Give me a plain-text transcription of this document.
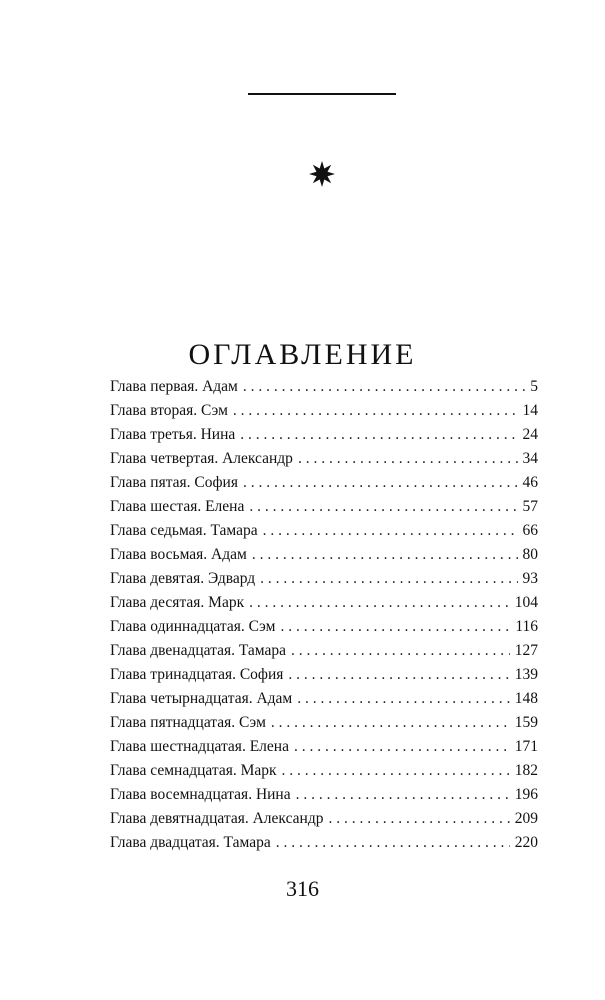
ОГЛАВЛЕНИЕ
Глава первая. Адам . . .	5
Глава вторая. Сэм . . .	14
Глава третья. Нина . . .	24
Глава четвертая. Александр . . .	34
Глава пятая. София . . .	46
Глава шестая. Елена . . .	57
Глава седьмая. Тамара . . .	66
Глава восьмая. Адам . . .	80
Глава девятая. Эдвард . . .	93
Глава десятая. Марк . . .	104
Глава одиннадцатая. Сэм . . .	116
Глава двенадцатая. Тамара . . .	127
Глава тринадцатая. София . . .	139
Глава четырнадцатая. Адам . . .	148
Глава пятнадцатая. Сэм . . .	159
Глава шестнадцатая. Елена . . .	171
Глава семнадцатая. Марк . . .	182
Глава восемнадцатая. Нина . . .	196
Глава девятнадцатая. Александр . . .	209
Глава двадцатая. Тамара . . .	220
316
